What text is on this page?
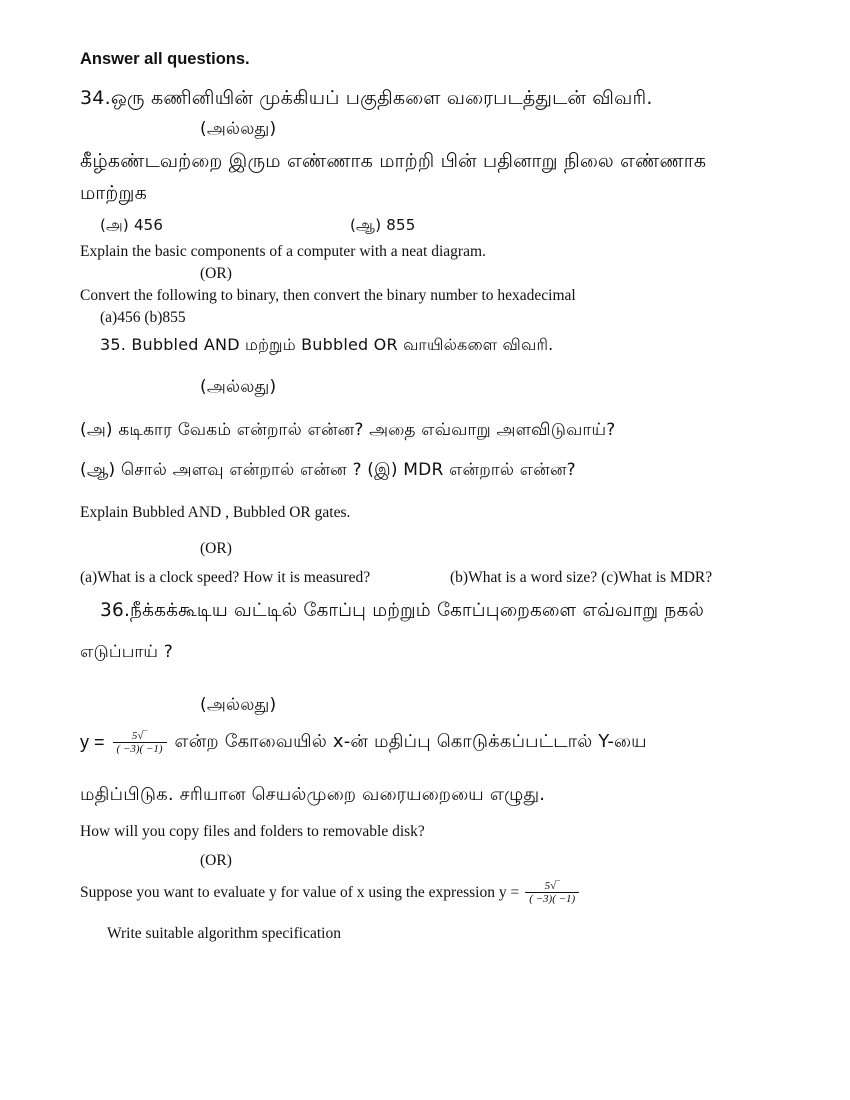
Answer all questions.
34.ஒரு கணினியின் முக்கியப் பகுதிகளை வரைபடத்துடன் விவரி.
(அல்லது)
கீழ்கண்டவற்றை இரும எண்ணாக மாற்றி பின் பதினாறு நிலை எண்ணாக
மாற்றுக
(அ) 456	(ஆ) 855
Explain the basic components of a computer with a neat diagram.
(OR)
Convert the following to binary, then convert the binary number to hexadecimal
(a)456 (b)855
35. Bubbled AND மற்றும் Bubbled OR வாயில்களை விவரி.
(அல்லது)
(அ) கடிகார வேகம் என்றால் என்ன? அதை எவ்வாறு அளவிடுவாய்?
(ஆ) சொல் அளவு என்றால் என்ன ? (இ) MDR என்றால் என்ன?
Explain Bubbled AND , Bubbled OR gates.
(OR)
(a)What is a clock speed? How it is measured?	(b)What is a word size? (c)What is MDR?
36.நீக்கக்கூடிய வட்டில் கோப்பு மற்றும் கோப்புறைகளை எவ்வாறு நகல்
எடுப்பாய் ?
(அல்லது)
$y = \frac{5√‾}{( -3)( -1)}$ என்ற கோவையில் x-ன் மதிப்பு கொடுக்கப்பட்டால் Y-யை
மதிப்பிடுக. சரியான செயல்முறை வரையறையை எழுது.
How will you copy files and folders to removable disk?
(OR)
Suppose you want to evaluate y for value of x using the expression $y = \frac{5√‾}{( -3)( -1)}$
Write suitable algorithm specification
